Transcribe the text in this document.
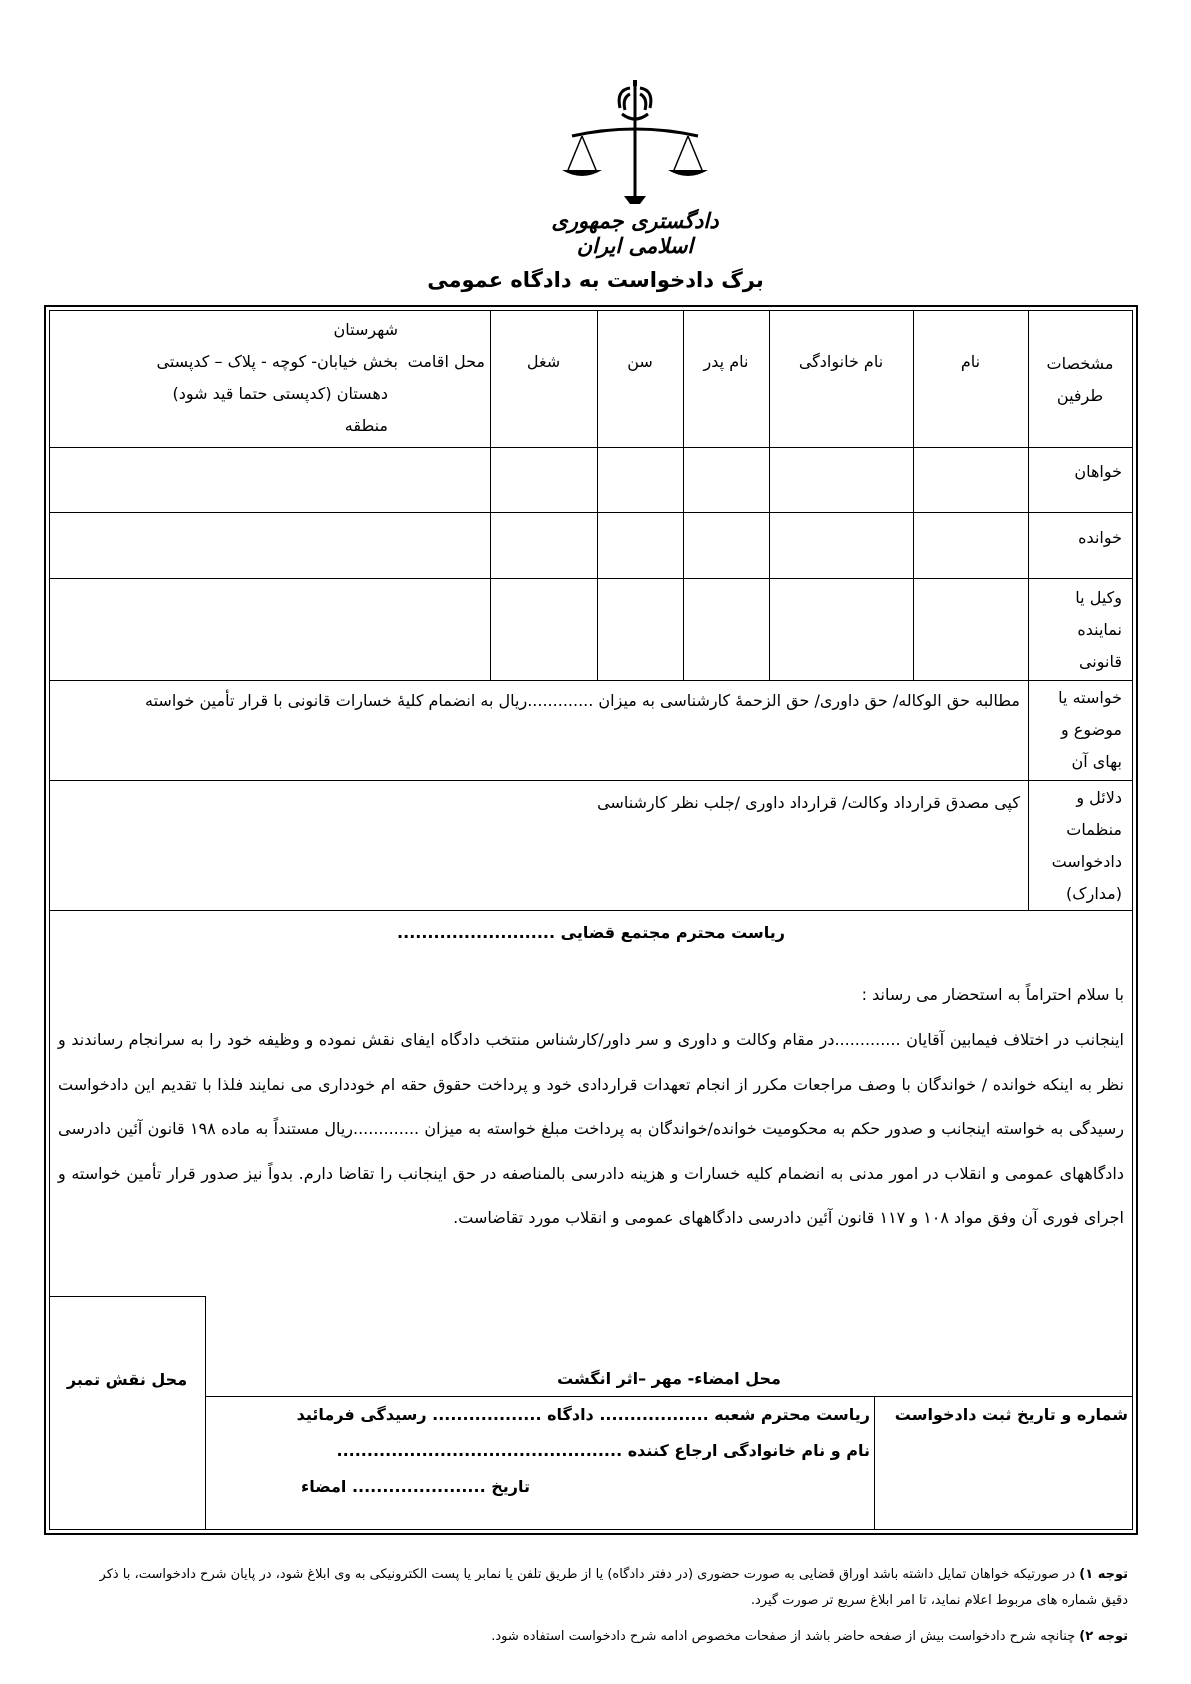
دادگستری جمهوری اسلامی ایران
برگ دادخواست به دادگاه عمومی
مشخصات طرفین
نام
نام خانوادگی
نام پدر
سن
شغل
محل اقامت
شهرستان
بخش خیابان- کوچه - پلاک – کدپستی
دهستان (کدپستی حتما قید شود)
منطقه
خواهان
خوانده
وکیل یا نماینده قانونی
خواسته یا موضوع و بهای آن
مطالبه حق الوکاله/ حق داوری/ حق الزحمهٔ کارشناسی به میزان .............ریال به انضمام کلیهٔ خسارات قانونی با قرار تأمین خواسته
دلائل و منظمات دادخواست (مدارک)
کپی مصدق قرارداد وکالت/ قرارداد داوری /جلب نظر کارشناسی
ریاست محترم مجتمع قضایی ..........................
با سلام احتراماً به استحضار می رساند :
اینجانب در اختلاف فیمابین آقایان .............در مقام وکالت و داوری و سر داور/کارشناس منتخب دادگاه ایفای نقش نموده و وظیفه خود را به سرانجام رساندند و نظر به اینکه خوانده / خواندگان با وصف مراجعات مکرر از انجام تعهدات قراردادی خود و پرداخت حقوق حقه ام خودداری می نمایند فلذا با تقدیم این دادخواست رسیدگی به خواسته اینجانب و صدور حکم به محکومیت خوانده/خواندگان به پرداخت مبلغ خواسته به میزان .............ریال مستنداً به ماده ۱۹۸ قانون آئین دادرسی دادگاههای عمومی و انقلاب در امور مدنی به انضمام کلیه خسارات و هزینه دادرسی بالمناصفه در حق اینجانب را تقاضا دارم. بدواً نیز صدور قرار تأمین خواسته و اجرای فوری آن وفق مواد ۱۰۸ و ۱۱۷ قانون آئین دادرسی دادگاههای عمومی و انقلاب مورد تقاضاست.
محل نقش تمبر	محل امضاء- مهر –اثر انگشت
شماره و تاریخ ثبت دادخواست
ریاست محترم شعبه .................. دادگاه .................. رسیدگی فرمائید
نام و نام خانوادگی ارجاع کننده ...............................................
تاریخ ...................... امضاء
توجه ۱) در صورتیکه خواهان تمایل داشته باشد اوراق قضایی به صورت حضوری (در دفتر دادگاه) یا از طریق تلفن یا نمابر یا پست الکترونیکی به وی ابلاغ شود، در پایان شرح دادخواست، با ذکر دقیق شماره های مربوط اعلام نماید، تا امر ابلاغ سریع تر صورت گیرد.
توجه ۲) چنانچه شرح دادخواست بیش از صفحه حاضر باشد از صفحات مخصوص ادامه شرح دادخواست استفاده شود.
